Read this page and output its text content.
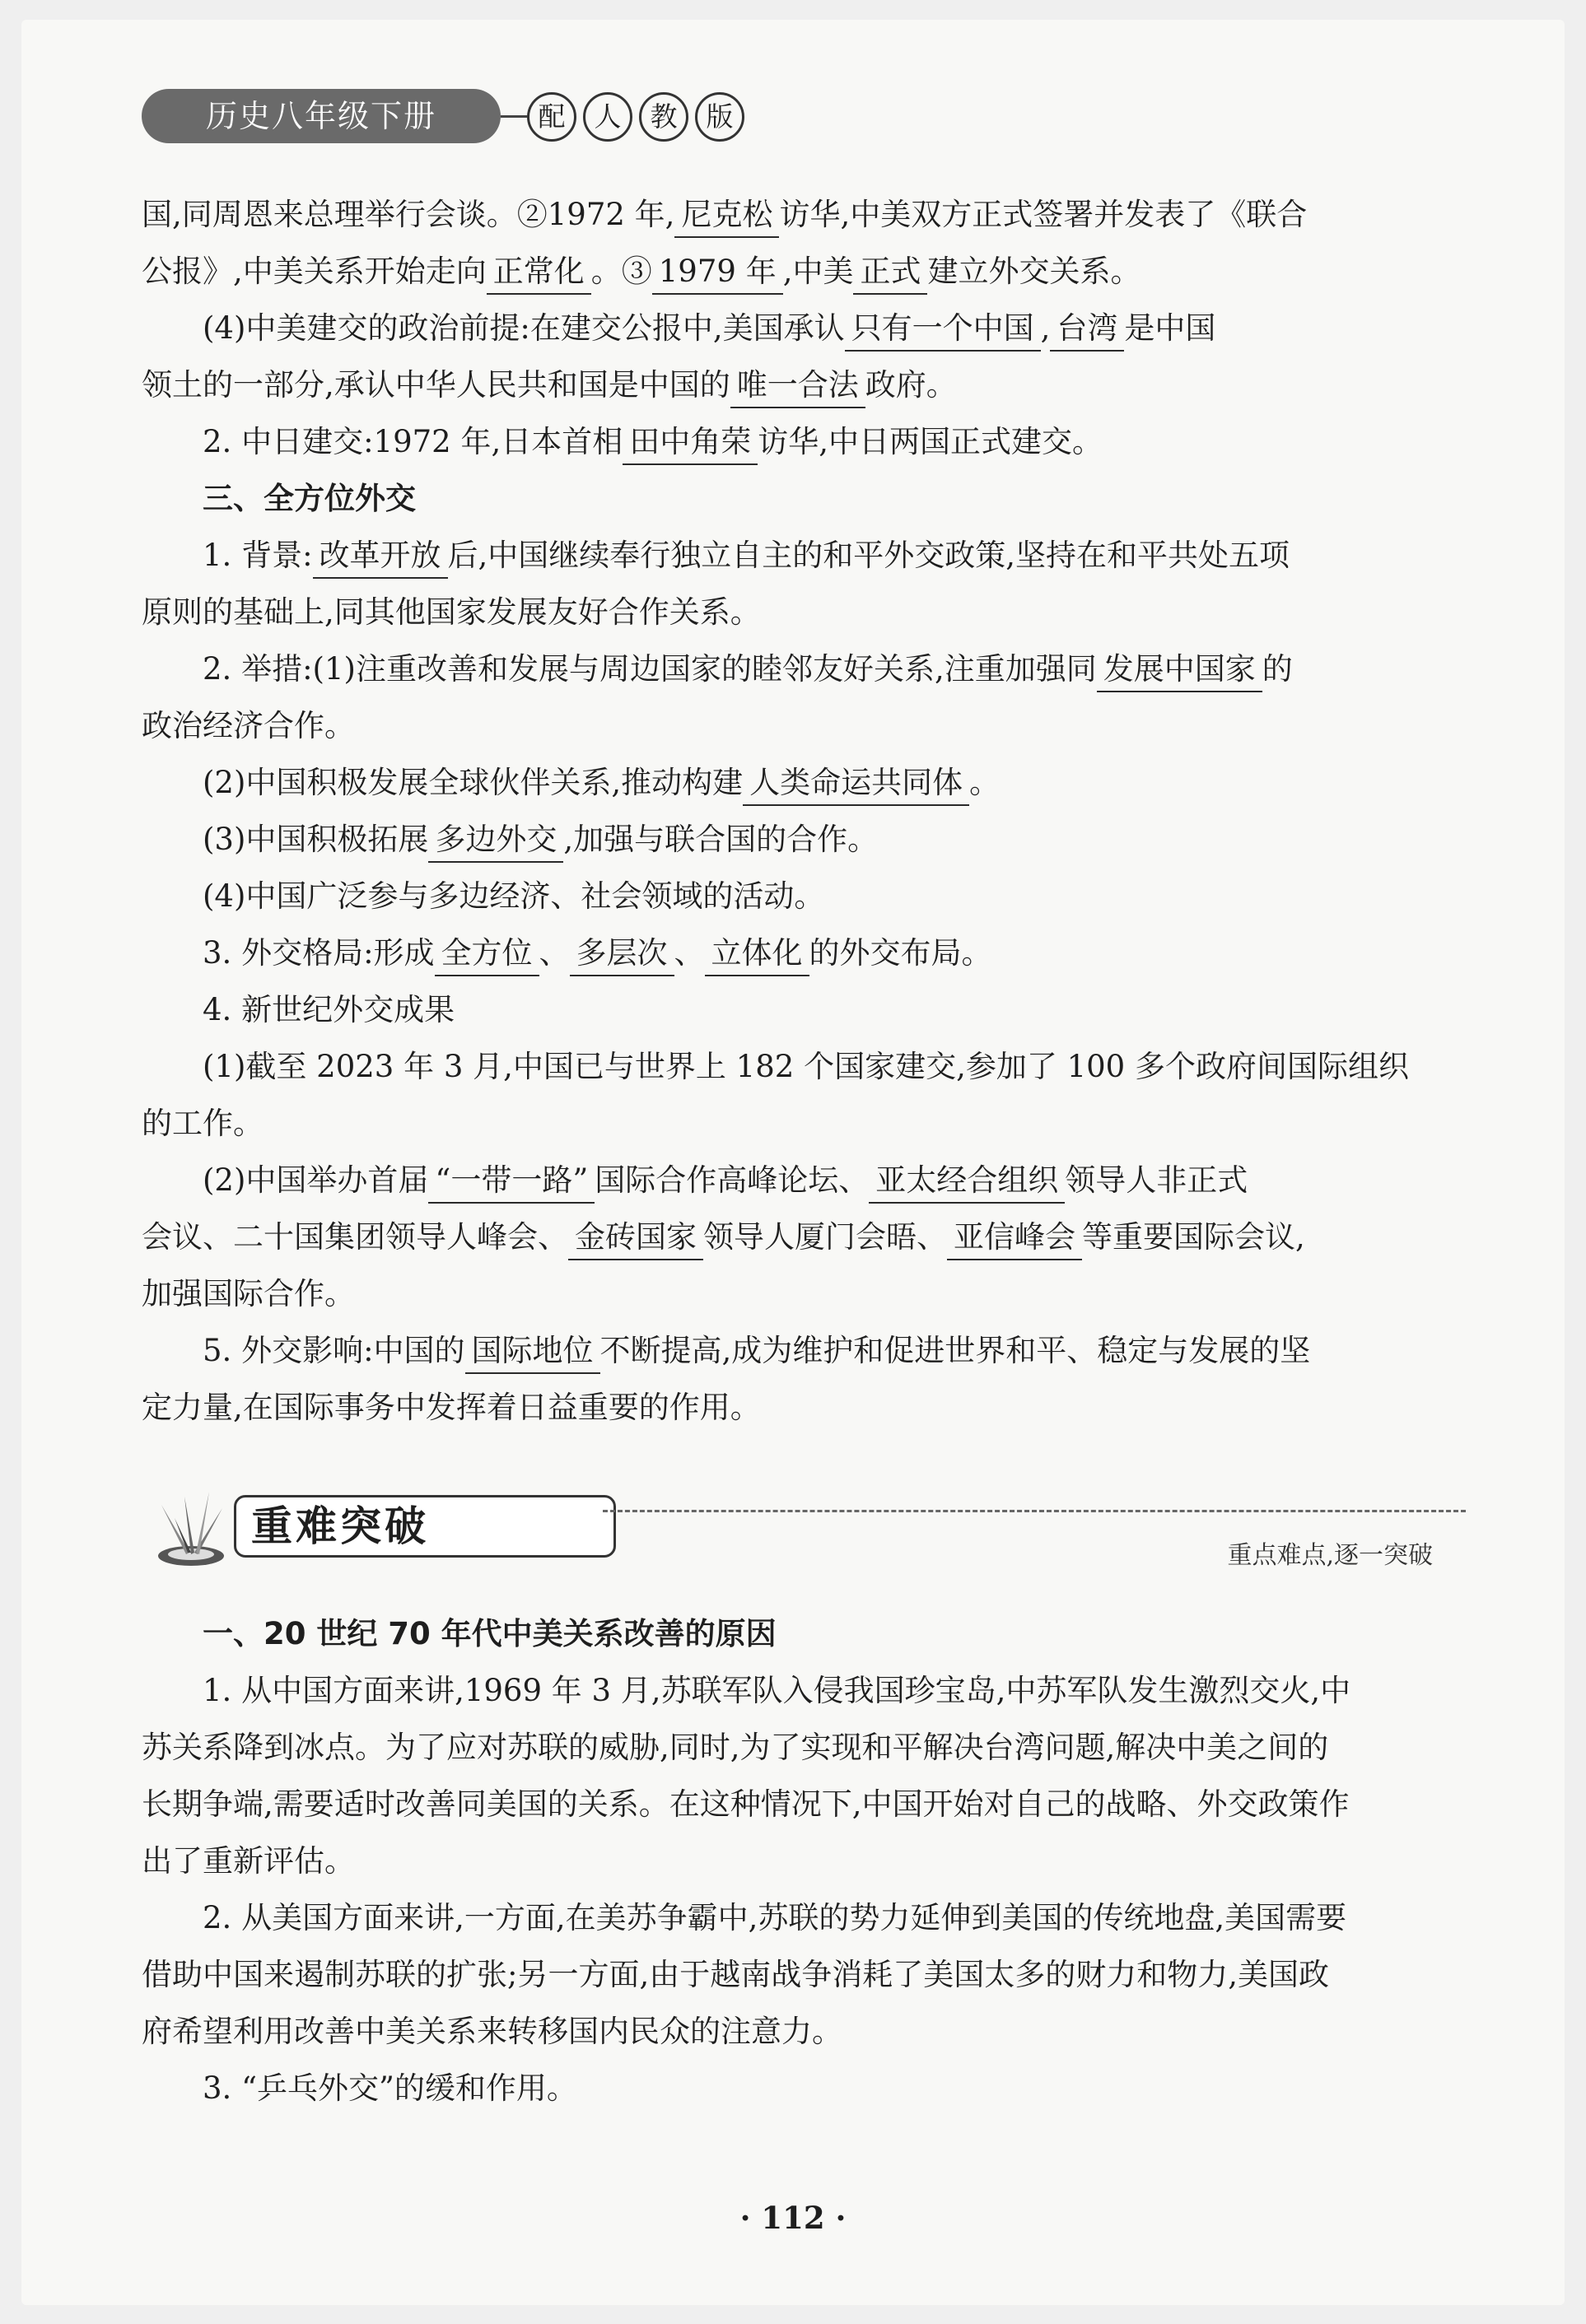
历史八年级下册	配	人	教	版
国,同周恩来总理举行会谈。②1972 年, 尼克松 访华,中美双方正式签署并发表了《联合
公报》,中美关系开始走向 正常化 。③ 1979 年 ,中美 正式 建立外交关系。
(4)中美建交的政治前提:在建交公报中,美国承认 只有一个中国 , 台湾 是中国
领土的一部分,承认中华人民共和国是中国的 唯一合法 政府。
2. 中日建交:1972 年,日本首相 田中角荣 访华,中日两国正式建交。
三、全方位外交
1. 背景: 改革开放 后,中国继续奉行独立自主的和平外交政策,坚持在和平共处五项
原则的基础上,同其他国家发展友好合作关系。
2. 举措:(1)注重改善和发展与周边国家的睦邻友好关系,注重加强同 发展中国家 的
政治经济合作。
(2)中国积极发展全球伙伴关系,推动构建 人类命运共同体 。
(3)中国积极拓展 多边外交 ,加强与联合国的合作。
(4)中国广泛参与多边经济、社会领域的活动。
3. 外交格局:形成 全方位 、 多层次 、 立体化 的外交布局。
4. 新世纪外交成果
(1)截至 2023 年 3 月,中国已与世界上 182 个国家建交,参加了 100 多个政府间国际组织
的工作。
(2)中国举办首届 “一带一路” 国际合作高峰论坛、 亚太经合组织 领导人非正式
会议、二十国集团领导人峰会、 金砖国家 领导人厦门会晤、 亚信峰会 等重要国际会议,
加强国际合作。
5. 外交影响:中国的 国际地位 不断提高,成为维护和促进世界和平、稳定与发展的坚
定力量,在国际事务中发挥着日益重要的作用。
重难突破
重点难点,逐一突破
一、20 世纪 70 年代中美关系改善的原因
1. 从中国方面来讲,1969 年 3 月,苏联军队入侵我国珍宝岛,中苏军队发生激烈交火,中
苏关系降到冰点。为了应对苏联的威胁,同时,为了实现和平解决台湾问题,解决中美之间的
长期争端,需要适时改善同美国的关系。在这种情况下,中国开始对自己的战略、外交政策作
出了重新评估。
2. 从美国方面来讲,一方面,在美苏争霸中,苏联的势力延伸到美国的传统地盘,美国需要
借助中国来遏制苏联的扩张;另一方面,由于越南战争消耗了美国太多的财力和物力,美国政
府希望利用改善中美关系来转移国内民众的注意力。
3. “乒乓外交”的缓和作用。
· 112 ·
